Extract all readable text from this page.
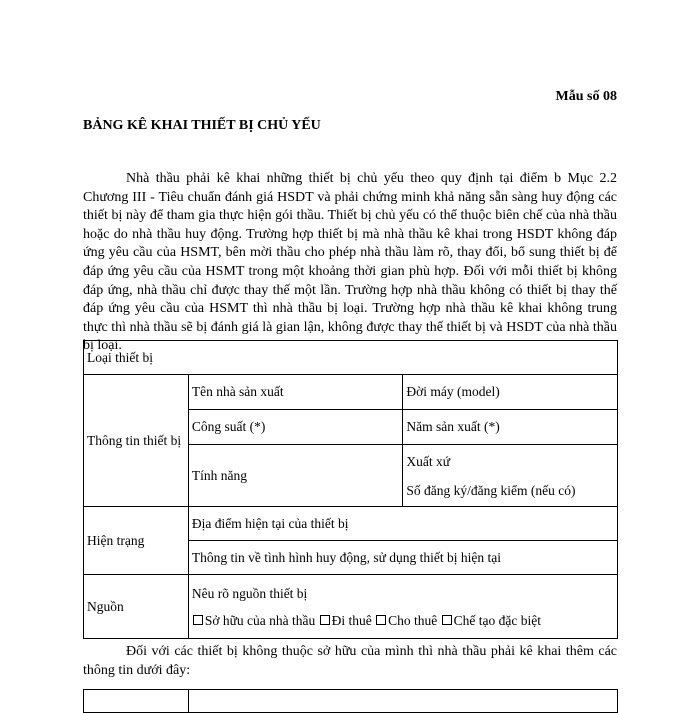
Mẫu số 08
BẢNG KÊ KHAI THIẾT BỊ CHỦ YẾU

Nhà thầu phải kê khai những thiết bị chủ yếu theo quy định tại điểm b Mục 2.2 Chương III - Tiêu chuẩn đánh giá HSDT và phải chứng minh khả năng sẵn sàng huy động các thiết bị này để tham gia thực hiện gói thầu. Thiết bị chủ yếu có thể thuộc biên chế của nhà thầu hoặc do nhà thầu huy động. Trường hợp thiết bị mà nhà thầu kê khai trong HSDT không đáp ứng yêu cầu của HSMT, bên mời thầu cho phép nhà thầu làm rõ, thay đổi, bổ sung thiết bị để đáp ứng yêu cầu của HSMT trong một khoảng thời gian phù hợp. Đối với mỗi thiết bị không đáp ứng, nhà thầu chỉ được thay thế một lần. Trường hợp nhà thầu không có thiết bị thay thế đáp ứng yêu cầu của HSMT thì nhà thầu bị loại. Trường hợp nhà thầu kê khai không trung thực thì nhà thầu sẽ bị đánh giá là gian lận, không được thay thế thiết bị và HSDT của nhà thầu bị loại.

Loại thiết bị		
Thông tin thiết bị	Tên nhà sản xuất	Đời máy (model)
	Công suất (*)	Năm sản xuất (*)
	Tính năng	Xuất xứ
Số đăng ký/đăng kiểm (nếu có)

Hiện trạng	Địa điểm hiện tại của thiết bị	
	Thông tin về tình hình huy động, sử dụng thiết bị hiện tại	
Nguồn	Nêu rõ nguồn thiết bị
Sở hữu của nhà thầu Đi thuê Cho thuê Chế tạo đặc biệt	

Đối với các thiết bị không thuộc sở hữu của mình thì nhà thầu phải kê khai thêm các thông tin dưới đây:
